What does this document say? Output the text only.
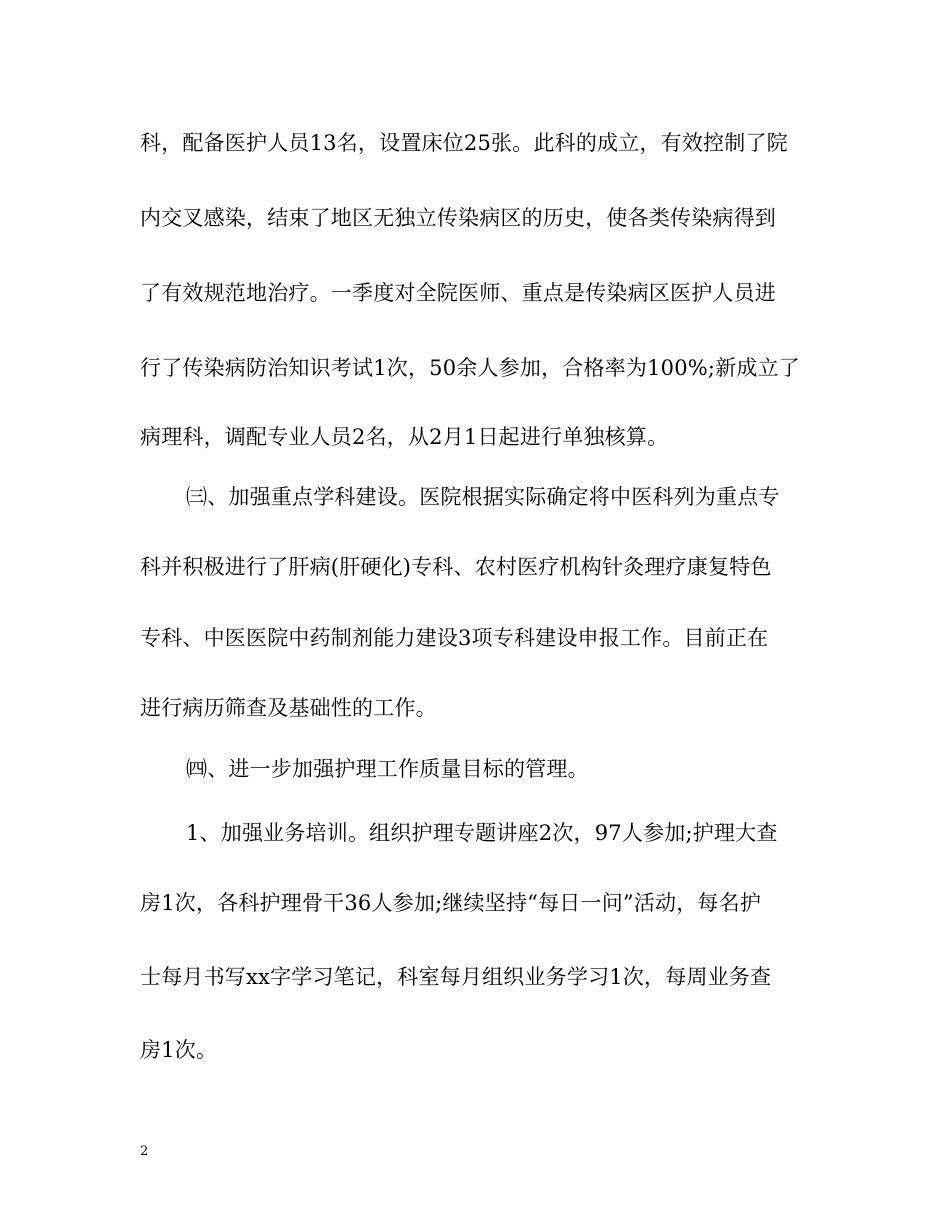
科，配备医护人员13名，设置床位25张。此科的成立，有效控制了院
内交叉感染，结束了地区无独立传染病区的历史，使各类传染病得到
了有效规范地治疗。一季度对全院医师、重点是传染病区医护人员进
行了传染病防治知识考试1次，50余人参加，合格率为100%;新成立了
病理科，调配专业人员2名，从2月1日起进行单独核算。
㈢、加强重点学科建设。医院根据实际确定将中医科列为重点专
科并积极进行了肝病(肝硬化)专科、农村医疗机构针灸理疗康复特色
专科、中医医院中药制剂能力建设3项专科建设申报工作。目前正在
进行病历筛查及基础性的工作。
㈣、进一步加强护理工作质量目标的管理。
1、加强业务培训。组织护理专题讲座2次，97人参加;护理大查
房1次，各科护理骨干36人参加;继续坚持“每日一问”活动，每名护
士每月书写xx字学习笔记，科室每月组织业务学习1次，每周业务查
房1次。
2
